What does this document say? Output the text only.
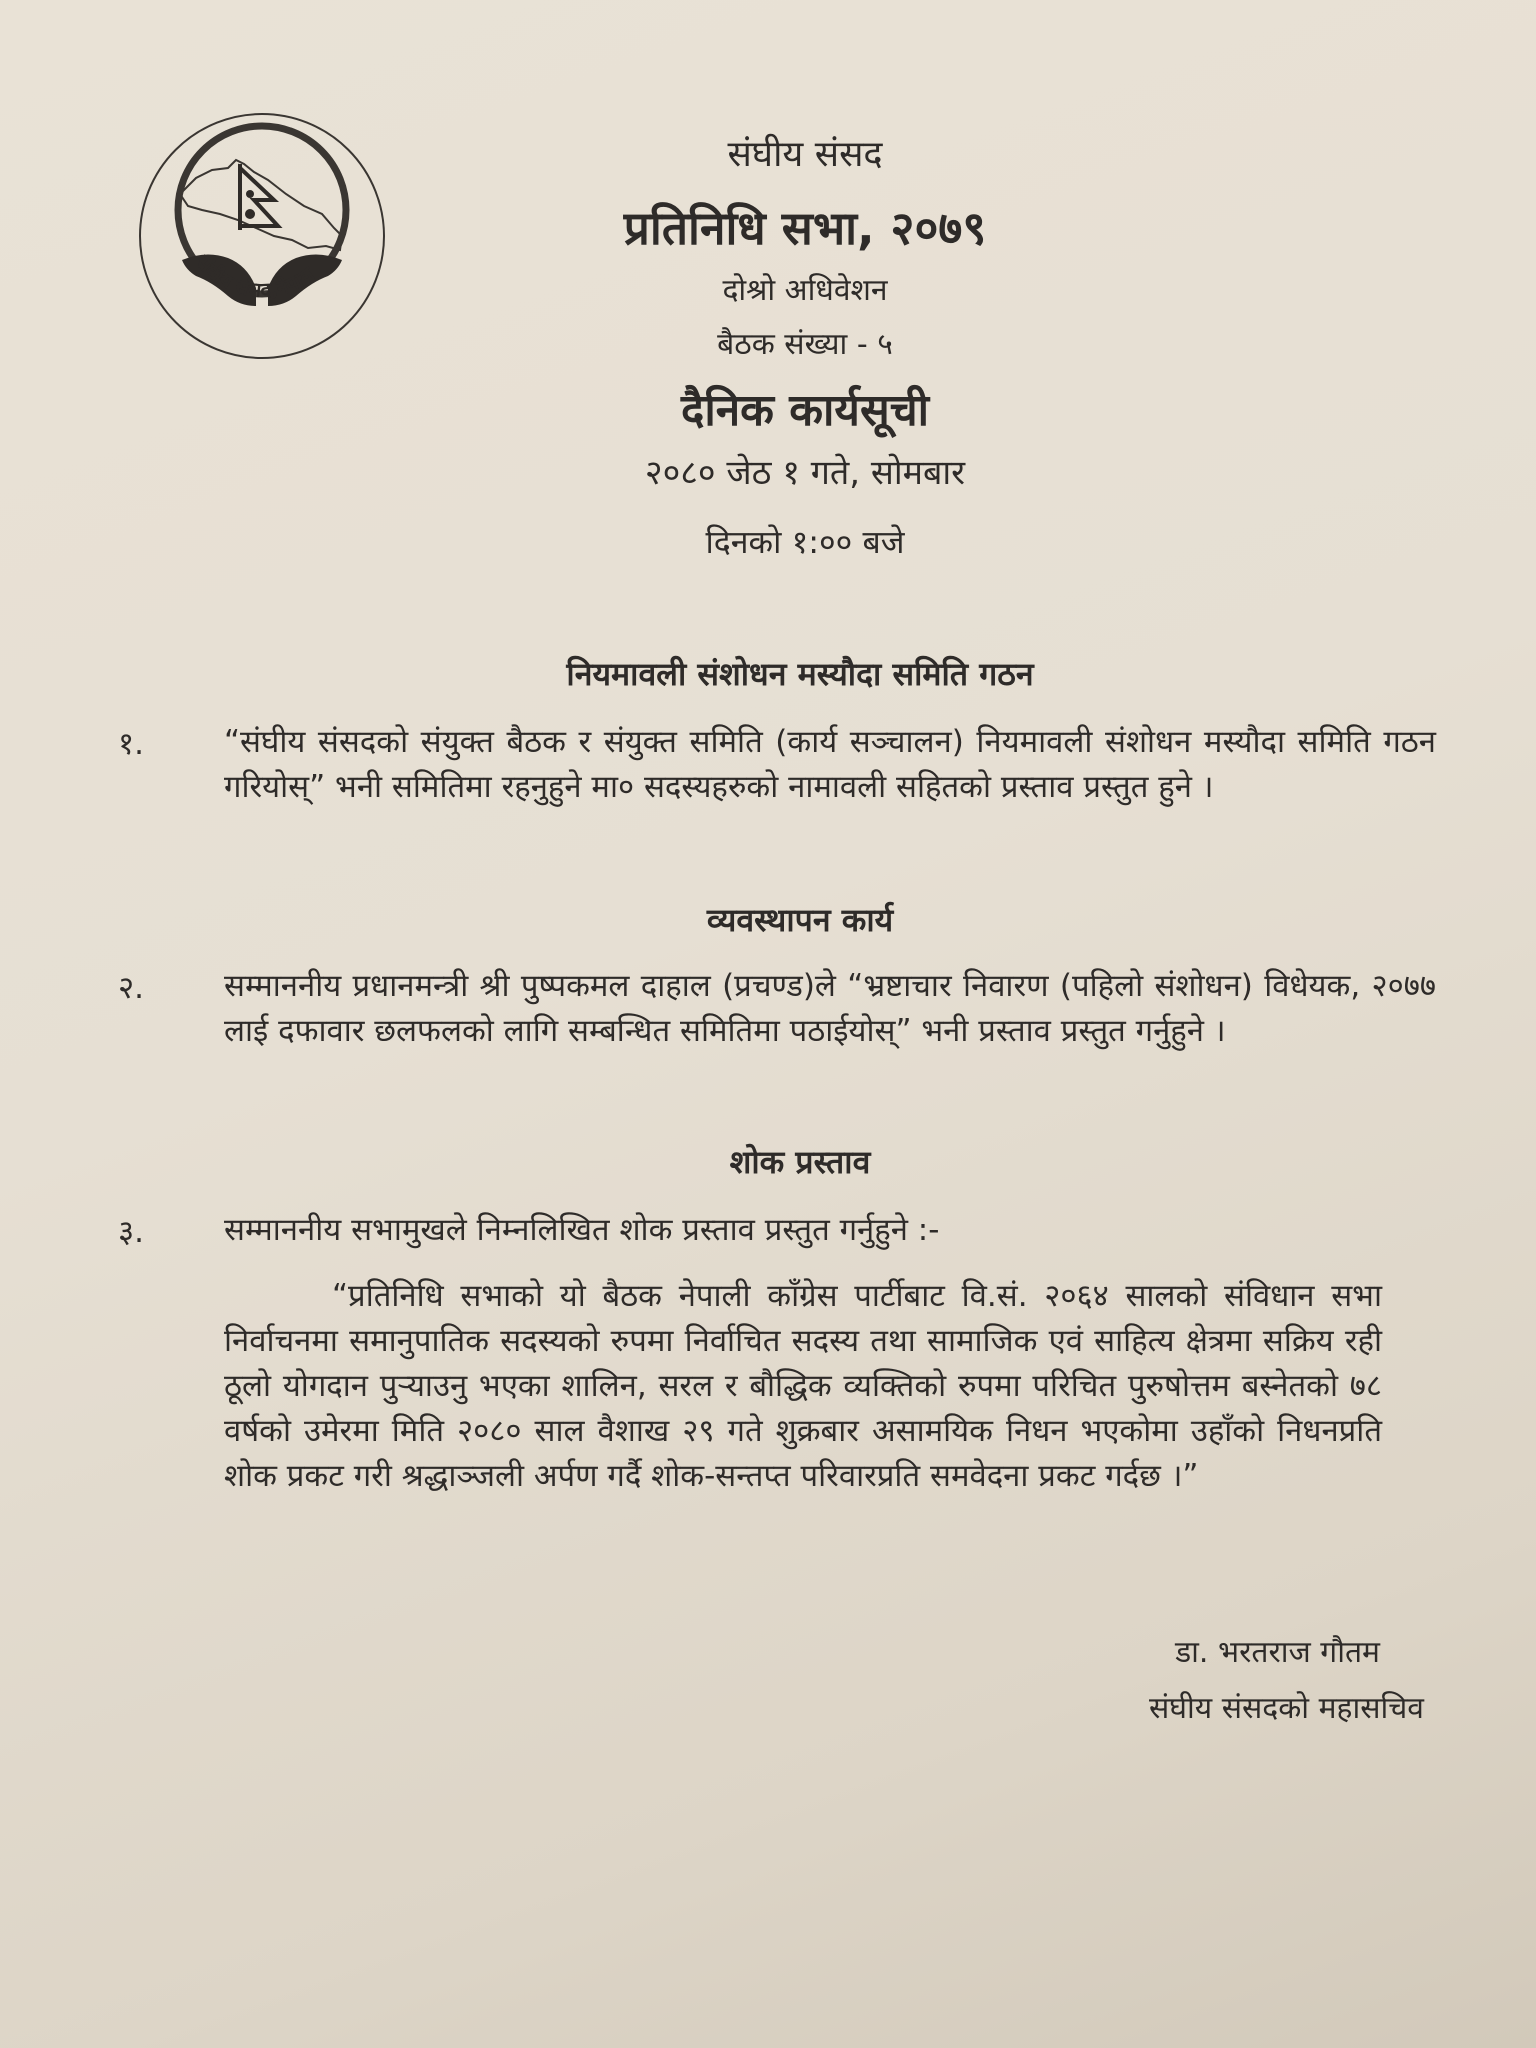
संघीय संसद,नेपाल
संघीय संसद
प्रतिनिधि सभा, २०७९
दोश्रो अधिवेशन
बैठक संख्या - ५
दैनिक कार्यसूची
२०८० जेठ १ गते, सोमबार
दिनको १:०० बजे
नियमावली संशोधन मस्यौदा समिति गठन
१.	“संघीय संसदको संयुक्त बैठक र संयुक्त समिति (कार्य सञ्चालन) नियमावली संशोधन मस्यौदा समिति गठन गरियोस्” भनी समितिमा रहनुहुने मा० सदस्यहरुको नामावली सहितको प्रस्ताव प्रस्तुत हुने ।

व्यवस्थापन कार्य
२.	सम्माननीय प्रधानमन्त्री श्री पुष्पकमल दाहाल (प्रचण्ड)ले “भ्रष्टाचार निवारण (पहिलो संशोधन) विधेयक, २०७७ लाई दफावार छलफलको लागि सम्बन्धित समितिमा पठाईयोस्” भनी प्रस्ताव प्रस्तुत गर्नुहुने ।

शोक प्रस्ताव
३.	सम्माननीय सभामुखले निम्नलिखित शोक प्रस्ताव प्रस्तुत गर्नुहुने :-

“प्रतिनिधि सभाको यो बैठक नेपाली काँग्रेस पार्टीबाट वि.सं. २०६४ सालको संविधान सभा निर्वाचनमा समानुपातिक सदस्यको रुपमा निर्वाचित सदस्य तथा सामाजिक एवं साहित्य क्षेत्रमा सक्रिय रही ठूलो योगदान पुऱ्याउनु भएका शालिन, सरल र बौद्धिक व्यक्तिको रुपमा परिचित पुरुषोत्तम बस्नेतको ७८ वर्षको उमेरमा मिति २०८० साल वैशाख २९ गते शुक्रबार असामयिक निधन भएकोमा उहाँको निधनप्रति शोक प्रकट गरी श्रद्धाञ्जली अर्पण गर्दै शोक-सन्तप्त परिवारप्रति समवेदना प्रकट गर्दछ ।”

डा. भरतराज गौतम
संघीय संसदको महासचिव
